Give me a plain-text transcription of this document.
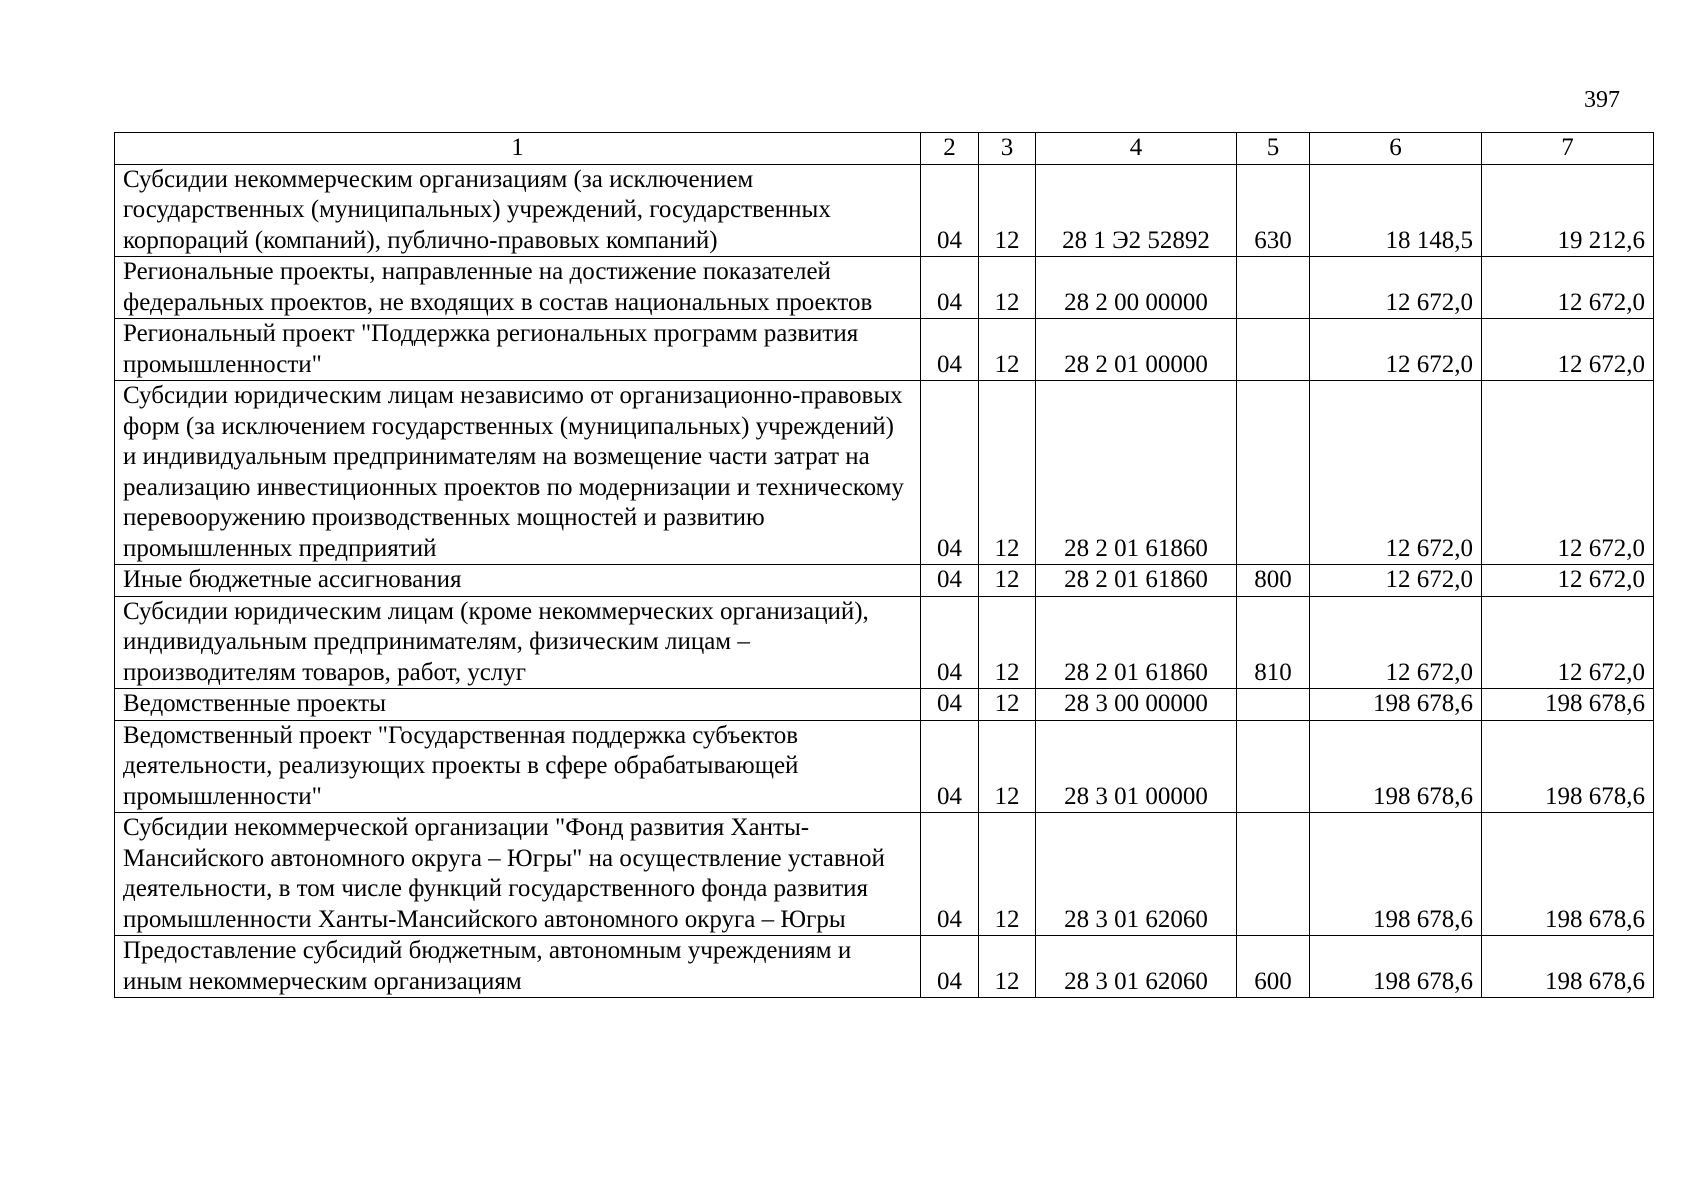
397
1	2	3	4	5	6	7
Субсидии некоммерческим организациям (за исключением государственных (муниципальных) учреждений, государственных корпораций (компаний), публично-правовых компаний)	04	12	28 1 Э2 52892	630	18 148,5	19 212,6
Региональные проекты, направленные на достижение показателей федеральных проектов, не входящих в состав национальных проектов	04	12	28 2 00 00000		12 672,0	12 672,0
Региональный проект "Поддержка региональных программ развития промышленности"	04	12	28 2 01 00000		12 672,0	12 672,0
Субсидии юридическим лицам независимо от организационно-правовых форм (за исключением государственных (муниципальных) учреждений) и индивидуальным предпринимателям на возмещение части затрат на реализацию инвестиционных проектов по модернизации и техническому перевооружению производственных мощностей и развитию промышленных предприятий	04	12	28 2 01 61860		12 672,0	12 672,0
Иные бюджетные ассигнования	04	12	28 2 01 61860	800	12 672,0	12 672,0
Субсидии юридическим лицам (кроме некоммерческих организаций), индивидуальным предпринимателям, физическим лицам – производителям товаров, работ, услуг	04	12	28 2 01 61860	810	12 672,0	12 672,0
Ведомственные проекты	04	12	28 3 00 00000		198 678,6	198 678,6
Ведомственный проект "Государственная поддержка субъектов деятельности, реализующих проекты в сфере обрабатывающей промышленности"	04	12	28 3 01 00000		198 678,6	198 678,6
Субсидии некоммерческой организации "Фонд развития Ханты-Мансийского автономного округа – Югры" на осуществление уставной деятельности, в том числе функций государственного фонда развития промышленности Ханты-Мансийского автономного округа – Югры	04	12	28 3 01 62060		198 678,6	198 678,6
Предоставление субсидий бюджетным, автономным учреждениям и иным некоммерческим организациям	04	12	28 3 01 62060	600	198 678,6	198 678,6
